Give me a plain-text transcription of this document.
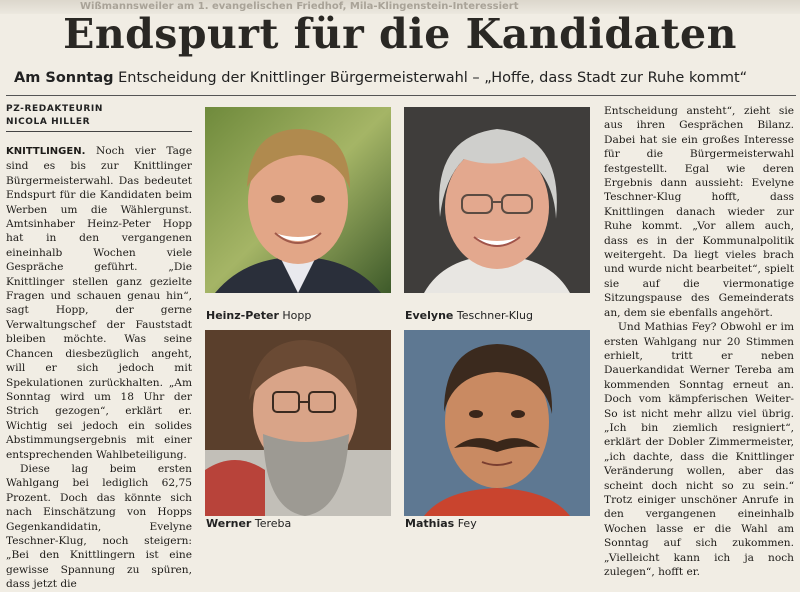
Wißmannsweiler am 1. evangelischen Friedhof, Mila-Klingenstein-Interessiert
Endspurt für die Kandidaten
Am Sonntag Entscheidung der Knittlinger Bürgermeisterwahl – „Hoffe, dass Stadt zur Ruhe kommt“
PZ-REDAKTEURIN
NICOLA HILLER

KNITTLINGEN. Noch vier Tage sind es bis zur Knittlinger Bürgermeisterwahl. Das bedeutet Endspurt für die Kandidaten beim Werben um die Wählergunst. Amtsinhaber Heinz-Peter Hopp hat in den vergangenen eineinhalb Wochen viele Gespräche geführt. „Die Knittlinger stellen ganz gezielte Fragen und schauen genau hin“, sagt Hopp, der gerne Verwaltungschef der Fauststadt bleiben möchte. Was seine Chancen diesbezüglich angeht, will er sich jedoch mit Spekulationen zurückhalten. „Am Sonntag wird um 18 Uhr der Strich gezogen“, erklärt er. Wichtig sei jedoch ein solides Abstimmungsergebnis mit einer entsprechenden Wahlbeteiligung.

Diese lag beim ersten Wahlgang bei lediglich 62,75 Prozent. Doch das könnte sich nach Einschätzung von Hopps Gegenkandidatin, Evelyne Teschner-Klug, noch steigern: „Bei den Knittlingern ist eine gewisse Spannung zu spüren, dass jetzt die

Heinz-Peter Hopp	Evelyne Teschner-Klug
Werner Tereba	Mathias Fey

Entscheidung ansteht“, zieht sie aus ihren Gesprächen Bilanz. Dabei hat sie ein großes Interesse für die Bürgermeisterwahl festgestellt. Egal wie deren Ergebnis dann aussieht: Evelyne Teschner-Klug hofft, dass Knittlingen danach wieder zur Ruhe kommt. „Vor allem auch, dass es in der Kommunalpolitik weitergeht. Da liegt vieles brach und wurde nicht bearbeitet“, spielt sie auf die viermonatige Sitzungspause des Gemeinderats an, dem sie ebenfalls angehört.

Und Mathias Fey? Obwohl er im ersten Wahlgang nur 20 Stimmen erhielt, tritt er neben Dauerkandidat Werner Tereba am kommenden Sonntag erneut an. Doch vom kämpferischen Weiter-So ist nicht mehr allzu viel übrig. „Ich bin ziemlich resigniert“, erklärt der Dobler Zimmermeister, „ich dachte, dass die Knittlinger Veränderung wollen, aber das scheint doch nicht so zu sein.“ Trotz einiger unschöner Anrufe in den vergangenen eineinhalb Wochen lasse er die Wahl am Sonntag auf sich zukommen. „Vielleicht kann ich ja noch zulegen“, hofft er.
